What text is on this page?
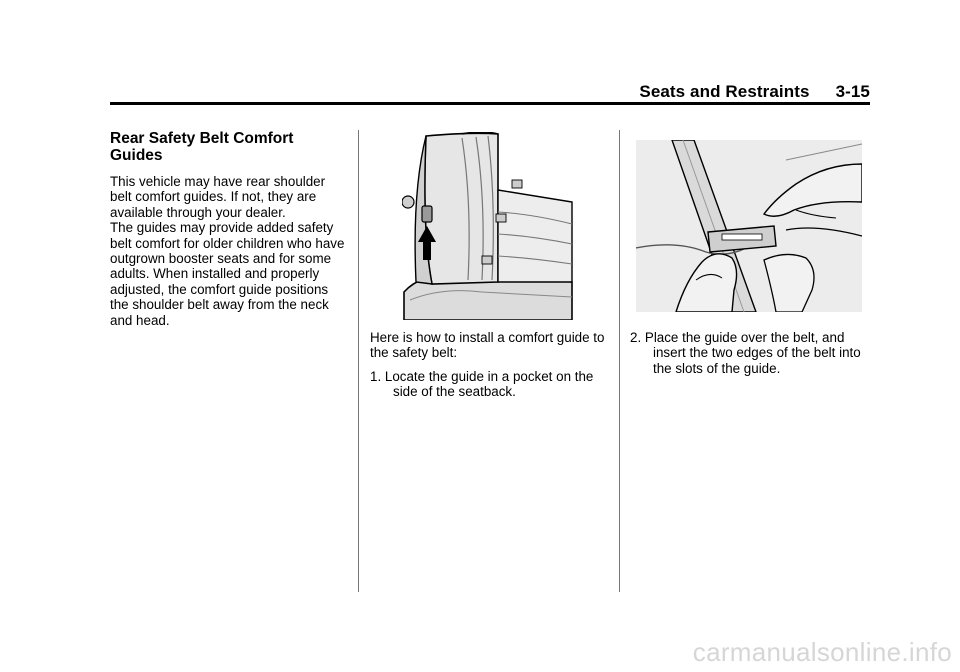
Seats and Restraints 3-15
Rear Safety Belt Comfort Guides

This vehicle may have rear shoulder belt comfort guides. If not, they are available through your dealer.

The guides may provide added safety belt comfort for older children who have outgrown booster seats and for some adults. When installed and properly adjusted, the comfort guide positions the shoulder belt away from the neck and head.

Here is how to install a comfort guide to the safety belt:

1. Locate the guide in a pocket on the side of the seatback.

2. Place the guide over the belt, and insert the two edges of the belt into the slots of the guide.

carmanualsonline.info
